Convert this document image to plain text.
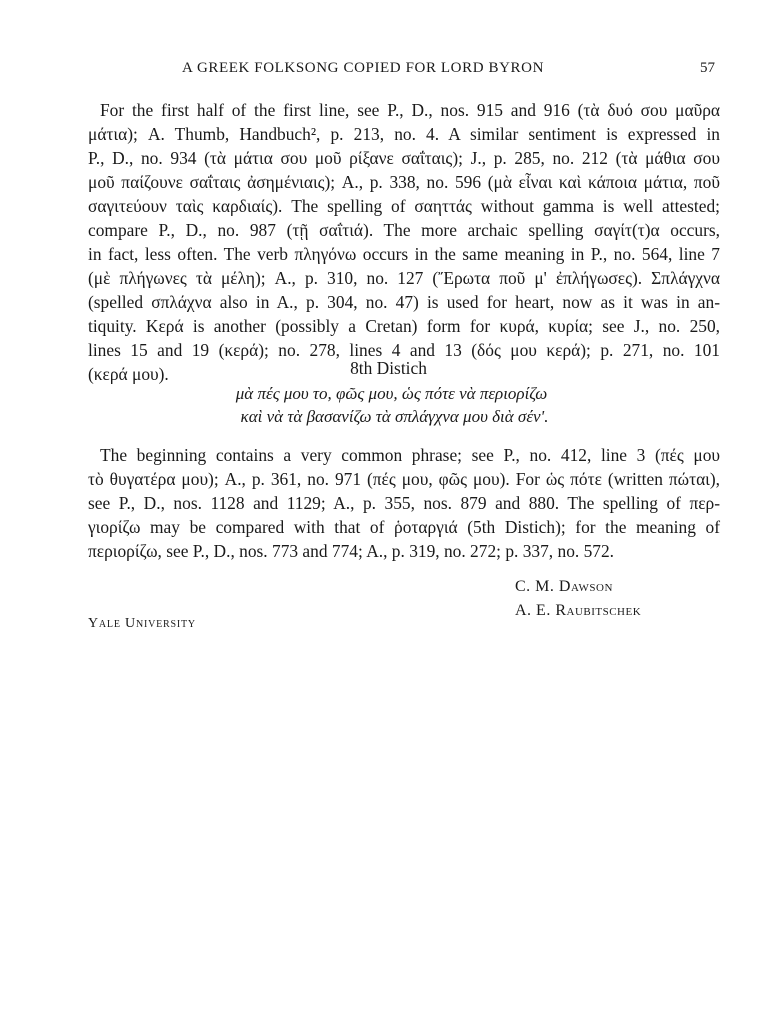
A GREEK FOLKSONG COPIED FOR LORD BYRON	57
For the first half of the first line, see P., D., nos. 915 and 916 (τὰ δυό σου μαῦρα
μάτια); A. Thumb, Handbuch², p. 213, no. 4. A similar sentiment is expressed in
P., D., no. 934 (τὰ μάτια σου μοῦ ρίξανε σαΐταις); J., p. 285, no. 212 (τὰ μάθια σου
μοῦ παίζουνε σαΐταις ἀσημένιαις); A., p. 338, no. 596 (μὰ εἶναι καὶ κάποια μάτια, ποῦ
σαγιτεύουν ταὶς καρδιαίς). The spelling of σαηττάς without gamma is well attested;
compare P., D., no. 987 (τῇ σαΐτιά). The more archaic spelling σαγίτ(τ)α occurs,
in fact, less often. The verb πληγόνω occurs in the same meaning in P., no. 564, line 7
(μὲ πλήγωνες τὰ μέλη); A., p. 310, no. 127 (Ἔρωτα ποῦ μ' ἐπλήγωσες). Σπλάγχνα
(spelled σπλάχνα also in A., p. 304, no. 47) is used for heart, now as it was in an-
tiquity. Κερά is another (possibly a Cretan) form for κυρά, κυρία; see J., no. 250,
lines 15 and 19 (κερά); no. 278, lines 4 and 13 (δός μου κερά); p. 271, no. 101
(κερά μου).	8th Distich
μὰ πές μου το, φῶς μου, ὡς πότε νὰ περιορίζω
καὶ νὰ τὰ βασανίζω τὰ σπλάγχνα μου διὰ σέν'.
The beginning contains a very common phrase; see P., no. 412, line 3 (πές μου
τὸ θυγατέρα μου); A., p. 361, no. 971 (πές μου, φῶς μου). For ὡς πότε (written πώται),
see P., D., nos. 1128 and 1129; A., p. 355, nos. 879 and 880. The spelling of περ-
γιορίζω may be compared with that of ῥοταργιά (5th Distich); for the meaning of
περιορίζω, see P., D., nos. 773 and 774; A., p. 319, no. 272; p. 337, no. 572.
C. M. Dawson
A. E. Raubitschek
Yale University
